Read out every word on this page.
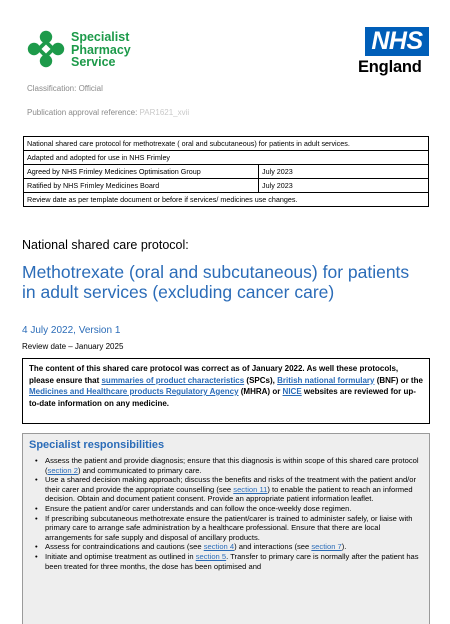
Specialist
Pharmacy
Service
NHS
England
Classification: Official
Publication approval reference: PAR1621_xvii
National shared care protocol for methotrexate ( oral and subcutaneous) for patients in adult services.	
Adapted and adopted for use in NHS Frimley	
Agreed by NHS Frimley Medicines Optimisation Group	July 2023
Ratified by NHS Frimley Medicines Board	July 2023
Review date as per template document or before if services/ medicines use changes.	
National shared care protocol:
Methotrexate (oral and subcutaneous) for patients in adult services (excluding cancer care)
4 July 2022, Version 1
Review date – January 2025
The content of this shared care protocol was correct as of January 2022. As well these protocols, please ensure that summaries of product characteristics (SPCs), British national formulary (BNF) or the Medicines and Healthcare products Regulatory Agency (MHRA) or NICE websites are reviewed for up-to-date information on any medicine.
Specialist responsibilities
• Assess the patient and provide diagnosis; ensure that this diagnosis is within scope of this shared care protocol (section 2) and communicated to primary care.
• Use a shared decision making approach; discuss the benefits and risks of the treatment with the patient and/or their carer and provide the appropriate counselling (see section 11) to enable the patient to reach an informed decision. Obtain and document patient consent. Provide an appropriate patient information leaflet.
• Ensure the patient and/or carer understands and can follow the once-weekly dose regimen.
• If prescribing subcutaneous methotrexate ensure the patient/carer is trained to administer safely, or liaise with primary care to arrange safe administration by a healthcare professional. Ensure that there are local arrangements for safe supply and disposal of ancillary products.
• Assess for contraindications and cautions (see section 4) and interactions (see section 7).
• Initiate and optimise treatment as outlined in section 5. Transfer to primary care is normally after the patient has been treated for three months, the dose has been optimised and
